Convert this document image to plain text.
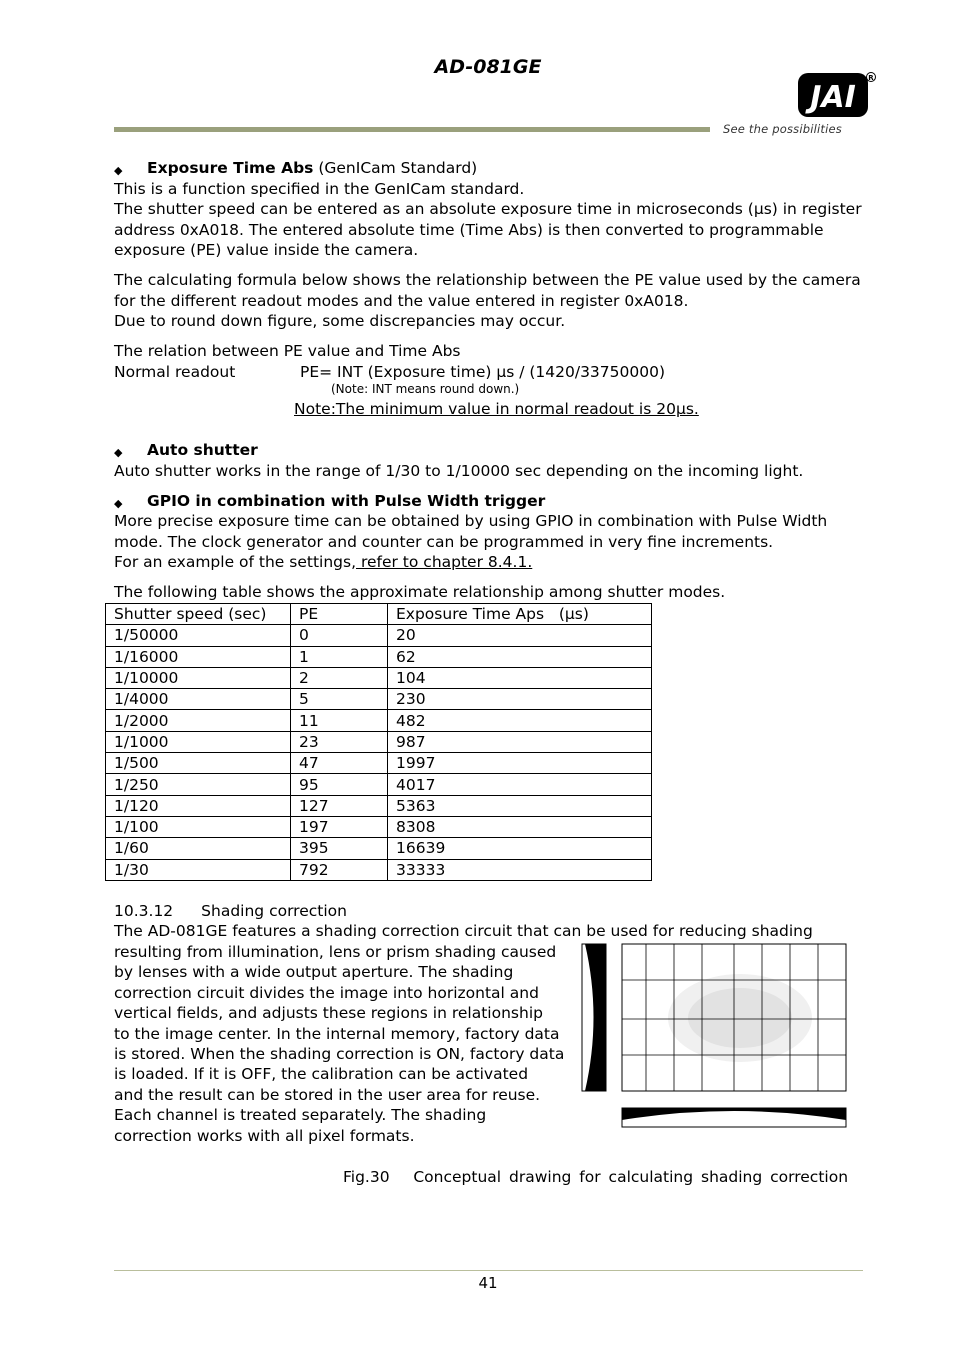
AD-081GE
JAI
R
See the possibilities
◆ Exposure Time Abs (GenICam Standard)
This is a function specified in the GenICam standard.
The shutter speed can be entered as an absolute exposure time in microseconds (µs) in register
address 0xA018. The entered absolute time (Time Abs) is then converted to programmable
exposure (PE) value inside the camera.
The calculating formula below shows the relationship between the PE value used by the camera
for the different readout modes and the value entered in register 0xA018.
Due to round down figure, some discrepancies may occur.
The relation between PE value and Time Abs
Normal readout	PE= INT (Exposure time) µs / (1420/33750000)
(Note: INT means round down.)
Note:The minimum value in normal readout is 20µs.
◆ Auto shutter
Auto shutter works in the range of 1/30 to 1/10000 sec depending on the incoming light.
◆ GPIO in combination with Pulse Width trigger
More precise exposure time can be obtained by using GPIO in combination with Pulse Width
mode. The clock generator and counter can be programmed in very fine increments.
For an example of the settings, refer to chapter 8.4.1.
The following table shows the approximate relationship among shutter modes.
Shutter speed (sec)	PE	Exposure Time Aps   (µs)
1/50000	0	20
1/16000	1	62
1/10000	2	104
1/4000	5	230
1/2000	11	482
1/1000	23	987
1/500	47	1997
1/250	95	4017
1/120	127	5363
1/100	197	8308
1/60	395	16639
1/30	792	33333
10.3.12 Shading correction
The AD-081GE features a shading correction circuit that can be used for reducing shading
resulting from illumination, lens or prism shading caused
by lenses with a wide output aperture. The shading
correction circuit divides the image into horizontal and
vertical fields, and adjusts these regions in relationship
to the image center. In the internal memory, factory data
is stored. When the shading correction is ON, factory data
is loaded. If it is OFF, the calibration can be activated
and the result can be stored in the user area for reuse.
Each channel is treated separately. The shading
correction works with all pixel formats.
Fig.30   Conceptual drawing for calculating shading correction
41
